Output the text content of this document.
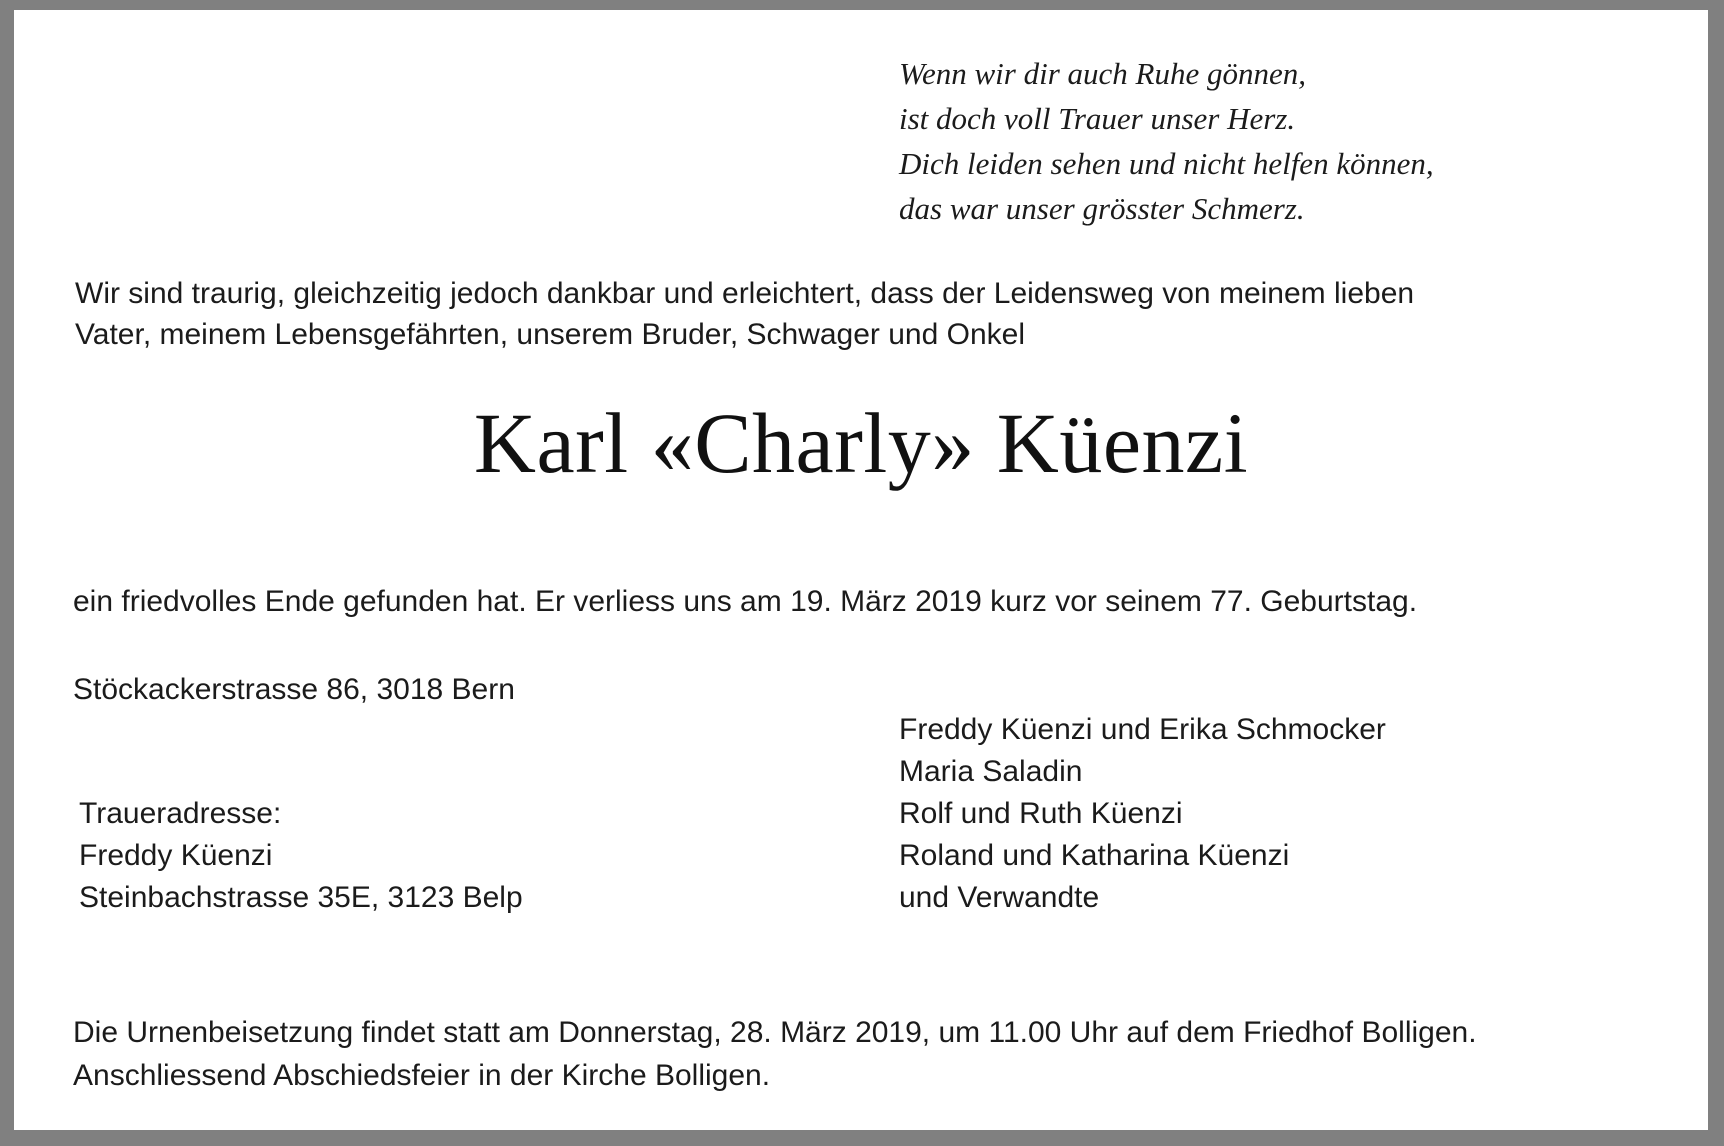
Wenn wir dir auch Ruhe gönnen,
ist doch voll Trauer unser Herz.
Dich leiden sehen und nicht helfen können,
das war unser grösster Schmerz.
Wir sind traurig, gleichzeitig jedoch dankbar und erleichtert, dass der Leidensweg von meinem lieben Vater, meinem Lebensgefährten, unserem Bruder, Schwager und Onkel
Karl «Charly» Küenzi
ein friedvolles Ende gefunden hat. Er verliess uns am 19. März 2019 kurz vor seinem 77. Geburtstag.
Stöckackerstrasse 86, 3018 Bern
Traueradresse:
Freddy Küenzi
Steinbachstrasse 35E, 3123 Belp
Freddy Küenzi und Erika Schmocker
Maria Saladin
Rolf und Ruth Küenzi
Roland und Katharina Küenzi
und Verwandte
Die Urnenbeisetzung findet statt am Donnerstag, 28. März 2019, um 11.00 Uhr auf dem Friedhof Bolligen. Anschliessend Abschiedsfeier in der Kirche Bolligen.
